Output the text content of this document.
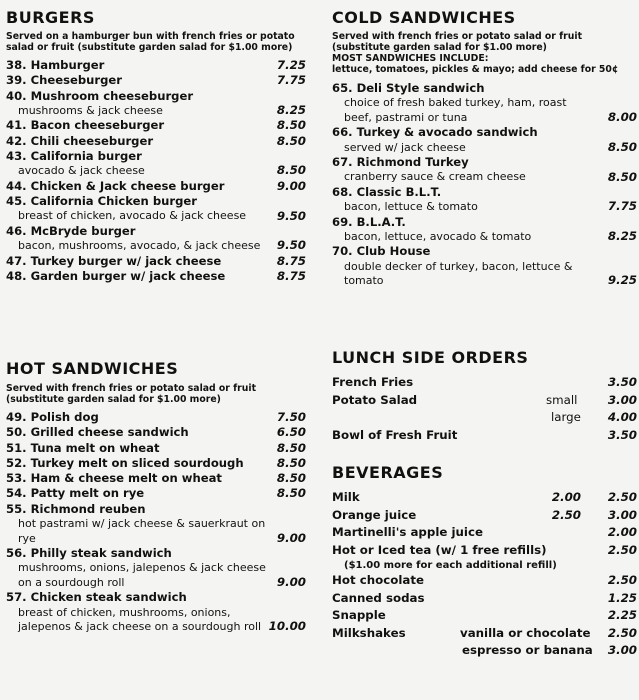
BURGERS
Served on a hamburger bun with french fries or potato salad or fruit (substitute garden salad for $1.00 more)
38. Hamburger	7.25
39. Cheeseburger	7.75
40. Mushroom cheeseburger
mushrooms & jack cheese	8.25
41. Bacon cheeseburger	8.50
42. Chili cheeseburger	8.50
43. California burger
avocado & jack cheese	8.50
44. Chicken & Jack cheese burger	9.00
45. California Chicken burger
breast of chicken, avocado & jack cheese	9.50
46. McBryde burger
bacon, mushrooms, avocado, & jack cheese	9.50
47. Turkey burger w/ jack cheese	8.75
48. Garden burger w/ jack cheese	8.75
HOT SANDWICHES
Served with french fries or potato salad or fruit (substitute garden salad for $1.00 more)
49. Polish dog	7.50
50. Grilled cheese sandwich	6.50
51. Tuna melt on wheat	8.50
52. Turkey melt on sliced sourdough	8.50
53. Ham & cheese melt on wheat	8.50
54. Patty melt on rye	8.50
55. Richmond reuben
hot pastrami w/ jack cheese & sauerkraut on rye	9.00
56. Philly steak sandwich
mushrooms, onions, jalepenos & jack cheese on a sourdough roll	9.00
57. Chicken steak sandwich
breast of chicken, mushrooms, onions, jalepenos & jack cheese on a sourdough roll 10.00
COLD SANDWICHES
Served with french fries or potato salad or fruit (substitute garden salad for $1.00 more)
MOST SANDWICHES INCLUDE:
lettuce, tomatoes, pickles & mayo; add cheese for 50¢
65. Deli Style sandwich
choice of fresh baked turkey, ham, roast beef, pastrami or tuna	8.00
66. Turkey & avocado sandwich
served w/ jack cheese	8.50
67. Richmond Turkey
cranberry sauce & cream cheese	8.50
68. Classic B.L.T.
bacon, lettuce & tomato	7.75
69. B.L.A.T.
bacon, lettuce, avocado & tomato	8.25
70. Club House
double decker of turkey, bacon, lettuce & tomato	9.25
LUNCH SIDE ORDERS
French Fries	3.50
Potato Salad	small	3.00

large 4.00
Bowl of Fresh Fruit	3.50
BEVERAGES
Milk	2.00 2.50
Orange juice	2.50 3.00
Martinelli's apple juice	2.00
Hot or Iced tea (w/ 1 free refills)	2.50
($1.00 more for each additional refill)
Hot chocolate	2.50
Canned sodas	1.25
Snapple	2.25
Milkshakes	vanilla or chocolate 2.50

espresso or banana 3.00
